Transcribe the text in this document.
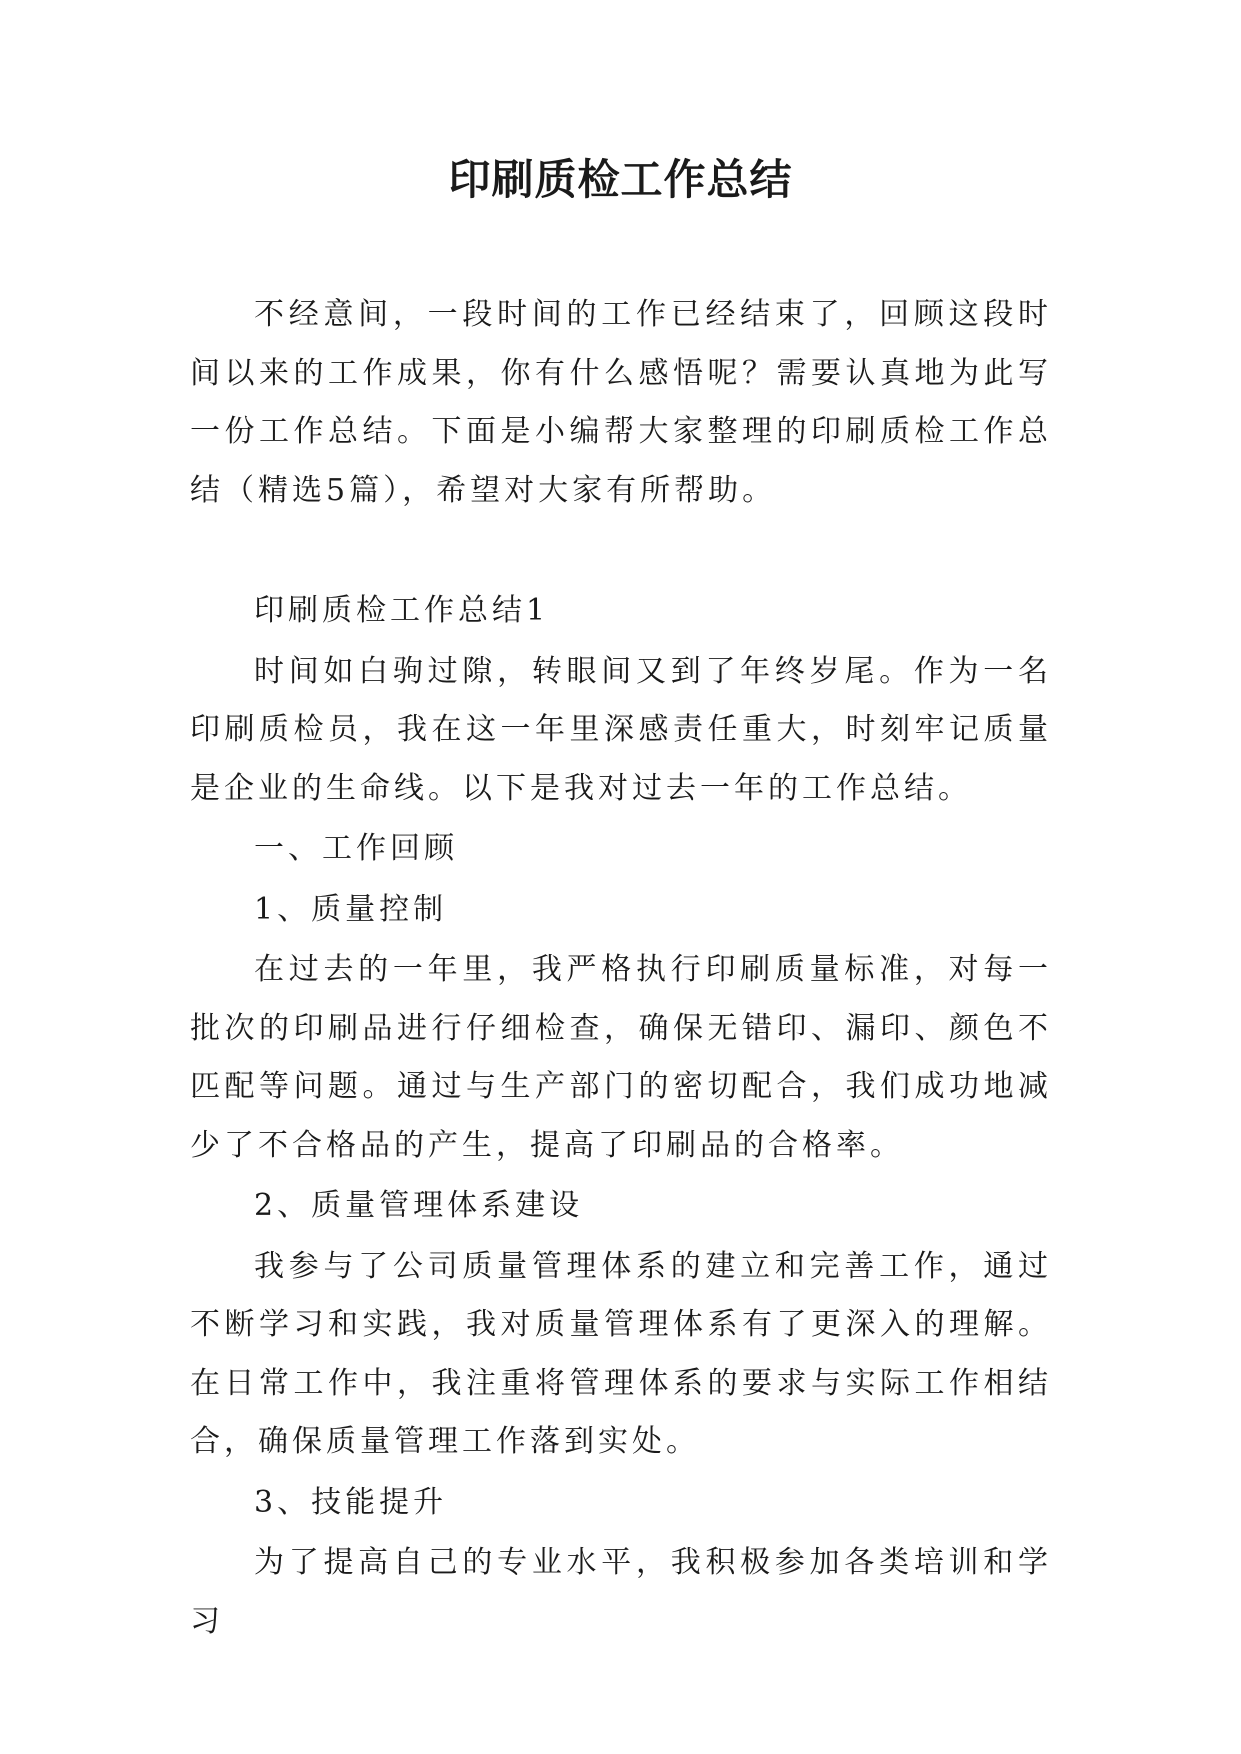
印刷质检工作总结

不经意间，一段时间的工作已经结束了，回顾这段时间以来的工作成果，你有什么感悟呢？需要认真地为此写一份工作总结。下面是小编帮大家整理的印刷质检工作总结（精选5篇），希望对大家有所帮助。

印刷质检工作总结1

时间如白驹过隙，转眼间又到了年终岁尾。作为一名印刷质检员，我在这一年里深感责任重大，时刻牢记质量是企业的生命线。以下是我对过去一年的工作总结。

一、工作回顾

1、质量控制

在过去的一年里，我严格执行印刷质量标准，对每一批次的印刷品进行仔细检查，确保无错印、漏印、颜色不匹配等问题。通过与生产部门的密切配合，我们成功地减少了不合格品的产生，提高了印刷品的合格率。

2、质量管理体系建设

我参与了公司质量管理体系的建立和完善工作，通过不断学习和实践，我对质量管理体系有了更深入的理解。在日常工作中，我注重将管理体系的要求与实际工作相结合，确保质量管理工作落到实处。

3、技能提升

为了提高自己的专业水平，我积极参加各类培训和学习
